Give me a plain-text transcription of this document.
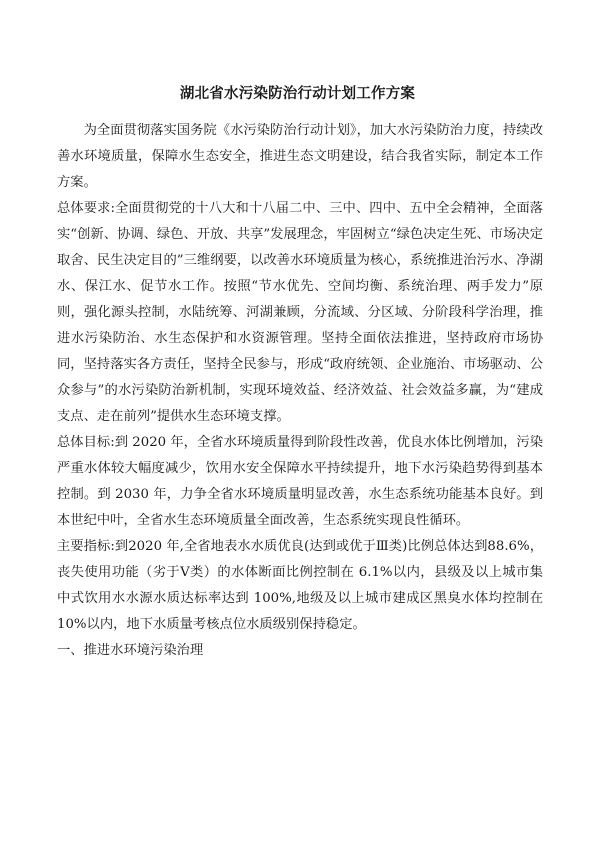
湖北省水污染防治行动计划工作方案

为全面贯彻落实国务院《水污染防治行动计划》，加大水污染防治力度，持续改善水环境质量，保障水生态安全，推进生态文明建设，结合我省实际，制定本工作方案。

总体要求:全面贯彻党的十八大和十八届二中、三中、四中、五中全会精神，全面落实“创新、协调、绿色、开放、共享”发展理念，牢固树立“绿色决定生死、市场决定取舍、民生决定目的”三维纲要，以改善水环境质量为核心，系统推进治污水、净湖水、保江水、促节水工作。按照“节水优先、空间均衡、系统治理、两手发力”原则，强化源头控制，水陆统筹、河湖兼顾，分流域、分区域、分阶段科学治理，推进水污染防治、水生态保护和水资源管理。坚持全面依法推进，坚持政府市场协同，坚持落实各方责任，坚持全民参与，形成“政府统领、企业施治、市场驱动、公众参与”的水污染防治新机制，实现环境效益、经济效益、社会效益多赢，为“建成支点、走在前列”提供水生态环境支撑。

总体目标:到 2020 年，全省水环境质量得到阶段性改善，优良水体比例增加，污染严重水体较大幅度减少，饮用水安全保障水平持续提升，地下水污染趋势得到基本控制。到 2030 年，力争全省水环境质量明显改善，水生态系统功能基本良好。到本世纪中叶，全省水生态环境质量全面改善，生态系统实现良性循环。

主要指标:到2020 年,全省地表水水质优良(达到或优于Ⅲ类)比例总体达到88.6%，丧失使用功能（劣于Ⅴ类）的水体断面比例控制在 6.1%以内，县级及以上城市集中式饮用水水源水质达标率达到 100%,地级及以上城市建成区黑臭水体均控制在 10%以内，地下水质量考核点位水质级别保持稳定。

一、推进水环境污染治理
